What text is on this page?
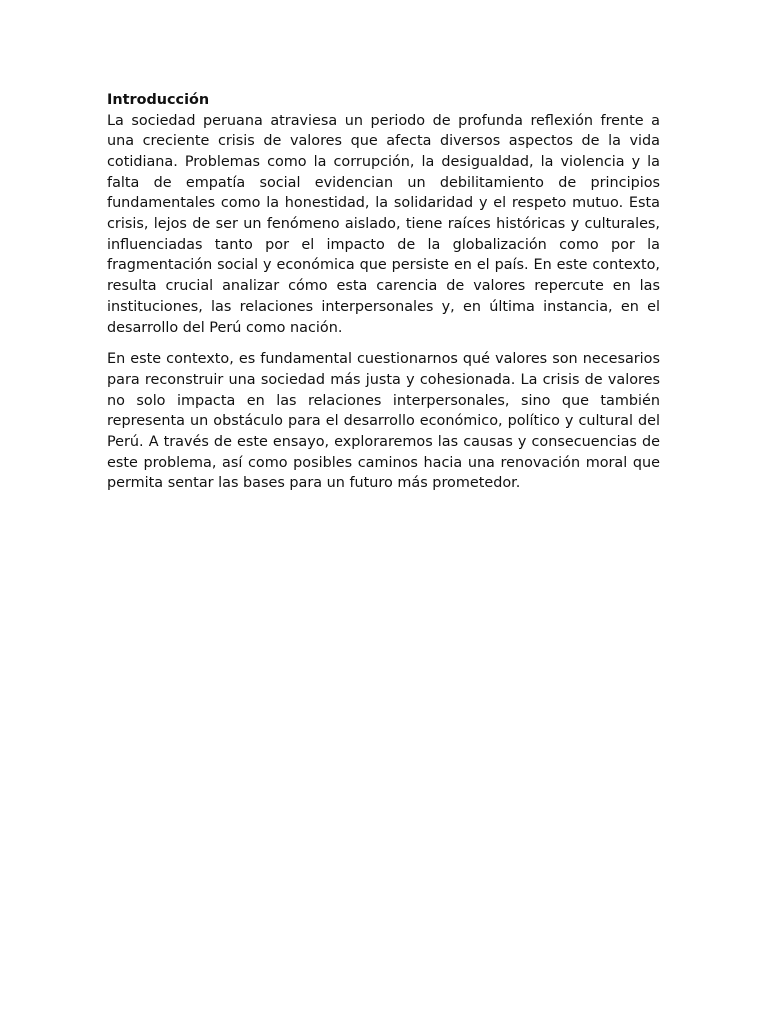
Introducción

La sociedad peruana atraviesa un periodo de profunda reflexión frente a una creciente crisis de valores que afecta diversos aspectos de la vida cotidiana. Problemas como la corrupción, la desigualdad, la violencia y la falta de empatía social evidencian un debilitamiento de principios fundamentales como la honestidad, la solidaridad y el respeto mutuo. Esta crisis, lejos de ser un fenómeno aislado, tiene raíces históricas y culturales, influenciadas tanto por el impacto de la globalización como por la fragmentación social y económica que persiste en el país. En este contexto, resulta crucial analizar cómo esta carencia de valores repercute en las instituciones, las relaciones interpersonales y, en última instancia, en el desarrollo del Perú como nación.

En este contexto, es fundamental cuestionarnos qué valores son necesarios para reconstruir una sociedad más justa y cohesionada. La crisis de valores no solo impacta en las relaciones interpersonales, sino que también representa un obstáculo para el desarrollo económico, político y cultural del Perú. A través de este ensayo, exploraremos las causas y consecuencias de este problema, así como posibles caminos hacia una renovación moral que permita sentar las bases para un futuro más prometedor.
